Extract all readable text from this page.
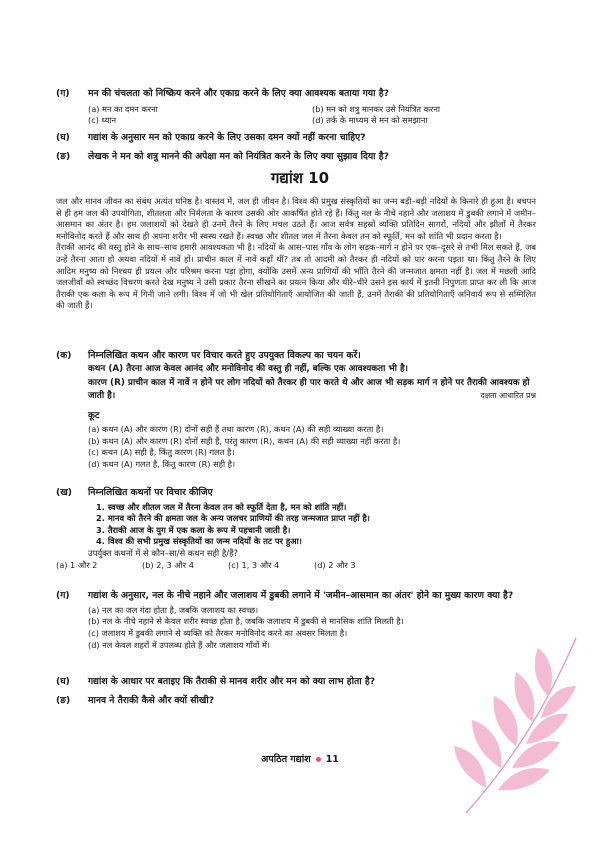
(ग)	मन की चंचलता को निष्क्रिय करने और एकाग्र करने के लिए क्या आवश्यक बताया गया है?
(a) मन का दमन करना	(b) मन को शत्रु मानकर उसे नियंत्रित करना
(c) ध्यान	(d) तर्क के माध्यम से मन को समझाना
(घ)	गद्यांश के अनुसार मन को एकाग्र करने के लिए उसका दमन क्यों नहीं करना चाहिए?
(ङ)	लेखक ने मन को शत्रु मानने की अपेक्षा मन को नियंत्रित करने के लिए क्या सुझाव दिया है?
गद्यांश 10

जल और मानव जीवन का संबंध अत्यंत घनिष्ठ है। वास्तव में, जल ही जीवन है। विश्व की प्रमुख संस्कृतियों का जन्म बड़ी–बड़ी नदियों के किनारे ही हुआ है। बचपन से ही हम जल की उपयोगिता, शीतलता और निर्मलता के कारण उसकी ओर आकर्षित होते रहे हैं। किंतु नल के नीचे नहाने और जलाशय में डुबकी लगाने में जमीन–आसमान का अंतर है। हम जलाशयों को देखते ही उनमें तैरने के लिए मचल उठते हैं। आज सर्वत्र सहस्रों व्यक्ति प्रतिदिन सागरों, नदियों और झीलों में तैरकर मनोविनोद करते हैं और साथ ही अपना शरीर भी स्वस्थ रखते हैं। स्वच्छ और शीतल जल में तैरना केवल तन को स्फूर्ति, मन को शांति भी प्रदान करता है।

तैराकी आनंद की वस्तु होने के साथ–साथ हमारी आवश्यकता भी है। नदियों के आस–पास गाँव के लोग सड़क–मार्ग न होने पर एक–दूसरे से तभी मिल सकते हैं, जब उन्हें तैरना आता हो अथवा नदियों में नावें हों। प्राचीन काल में नावें कहाँ थीं? तब तो आदमी को तैरकर ही नदियों को पार करना पड़ता था। किंतु तैरने के लिए आदिम मनुष्य को निश्चय ही प्रयत्न और परिश्रम करना पड़ा होगा, क्योंकि उसमें अन्य प्राणियों की भाँति तैरने की जन्मजात क्षमता नहीं है। जल में मछली आदि जलजीवों को स्वच्छंद विचरण करते देख मनुष्य ने उसी प्रकार तैरना सीखने का प्रयत्न किया और धीरे–धीरे उसने इस कार्य में इतनी निपुणता प्राप्त कर ली कि आज तैराकी एक कला के रूप में गिनी जाने लगी। विश्व में जो भी खेल प्रतियोगिताएँ आयोजित की जाती हैं, उनमें तैराकी की प्रतियोगिताएँ अनिवार्य रूप से सम्मिलित की जाती हैं।

(क)	निम्नलिखित कथन और कारण पर विचार करते हुए उपयुक्त विकल्प का चयन करें।
कथन (A) तैरना आज केवल आनंद और मनोविनोद की वस्तु ही नहीं, बल्कि एक आवश्यकता भी है।
कारण (R) प्राचीन काल में नावें न होने पर लोग नदियों को तैरकर ही पार करते थे और आज भी सड़क मार्ग न होने पर तैराकी आवश्यक हो जाती है।	दक्षता आधारित प्रश्न
कूट
(a) कथन (A) और कारण (R) दोनों सही हैं तथा कारण (R), कथन (A) की सही व्याख्या करता है।
(b) कथन (A) और कारण (R) दोनों सही हैं, परंतु कारण (R), कथन (A) की सही व्याख्या नहीं करता है।
(c) कथन (A) सही है, किंतु कारण (R) गलत है।
(d) कथन (A) गलत है, किंतु कारण (R) सही है।
(ख)	निम्नलिखित कथनों पर विचार कीजिए
1. स्वच्छ और शीतल जल में तैरना केवल तन को स्फूर्ति देता है, मन को शांति नहीं।
2. मानव को तैरने की क्षमता जल के अन्य जलचर प्राणियों की तरह जन्मजात प्राप्त नहीं है।
3. तैराकी आज के युग में एक कला के रूप में पहचानी जाती है।
4. विश्व की सभी प्रमुख संस्कृतियों का जन्म नदियों के तट पर हुआ।
उपर्युक्त कथनों में से कौन–सा/से कथन सही है/हैं?
(a) 1 और 2	(b) 2, 3 और 4	(c) 1, 3 और 4	(d) 2 और 3
(ग)	गद्यांश के अनुसार, नल के नीचे नहाने और जलाशय में डुबकी लगाने में 'जमीन–आसमान का अंतर' होने का मुख्य कारण क्या है?
(a) नल का जल गंदा होता है, जबकि जलाशय का स्वच्छ।
(b) नल के नीचे नहाने से केवल शरीर स्वच्छ होता है, जबकि जलाशय में डुबकी से मानसिक शांति मिलती है।
(c) जलाशय में डुबकी लगाने से व्यक्ति को तैरकर मनोविनोद करने का अवसर मिलता है।
(d) नल केवल शहरों में उपलब्ध होते हैं और जलाशय गाँवों में।
(घ)	गद्यांश के आधार पर बताइए कि तैराकी से मानव शरीर और मन को क्या लाभ होता है?
(ङ)	मानव ने तैराकी कैसे और क्यों सीखी?
अपठित गद्यांश 11
